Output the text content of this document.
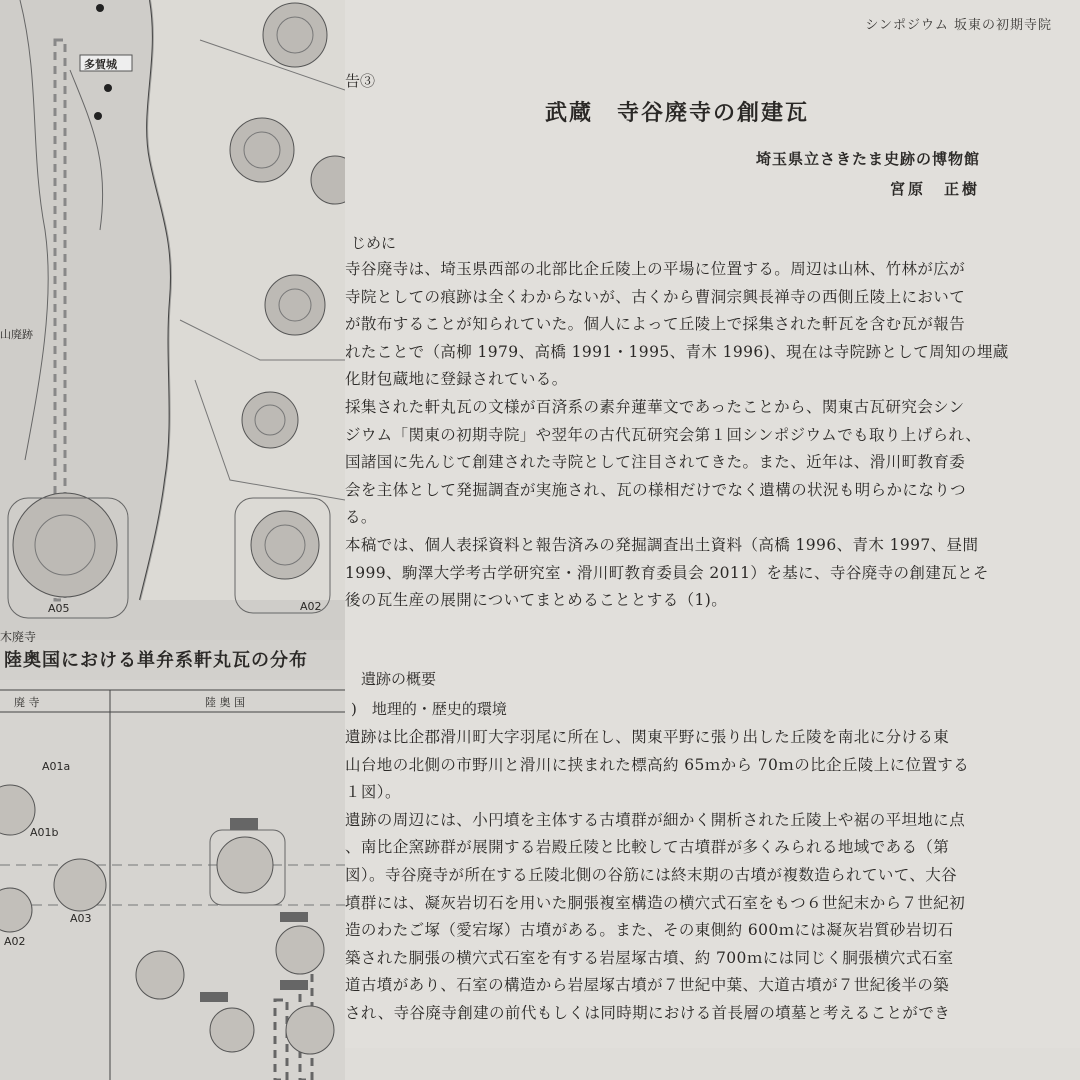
多賀城
山廃跡
A05	A02
木廃寺
陸奥国における単弁系軒丸瓦の分布
廃 寺	陸 奥 国
A01a
A01b
A03
A02
シンポジウム 坂東の初期寺院
告③
武蔵　寺谷廃寺の創建瓦
埼玉県立さきたま史跡の博物館
宮原　正樹
じめに

寺谷廃寺は、埼玉県西部の北部比企丘陵上の平場に位置する。周辺は山林、竹林が広が

寺院としての痕跡は全くわからないが、古くから曹洞宗興長禅寺の西側丘陵上において

が散布することが知られていた。個人によって丘陵上で採集された軒瓦を含む瓦が報告

れたことで（高柳 1979、高橋 1991・1995、青木 1996)、現在は寺院跡として周知の埋蔵

化財包蔵地に登録されている。

採集された軒丸瓦の文様が百済系の素弁蓮華文であったことから、関東古瓦研究会シン

ジウム「関東の初期寺院」や翌年の古代瓦研究会第１回シンポジウムでも取り上げられ、

国諸国に先んじて創建された寺院として注目されてきた。また、近年は、滑川町教育委

会を主体として発掘調査が実施され、瓦の様相だけでなく遺構の状況も明らかになりつ

る。

本稿では、個人表採資料と報告済みの発掘調査出土資料（高橋 1996、青木 1997、昼間

1999、駒澤大学考古学研究室・滑川町教育委員会 2011）を基に、寺谷廃寺の創建瓦とそ

後の瓦生産の展開についてまとめることとする（1)。

遺跡の概要
)　地理的・歴史的環境

遺跡は比企郡滑川町大字羽尾に所在し、関東平野に張り出した丘陵を南北に分ける東

山台地の北側の市野川と滑川に挟まれた標高約 65ｍから 70ｍの比企丘陵上に位置する

１図）。

遺跡の周辺には、小円墳を主体する古墳群が細かく開析された丘陵上や裾の平坦地に点

、南比企窯跡群が展開する岩殿丘陵と比較して古墳群が多くみられる地域である（第

図）。寺谷廃寺が所在する丘陵北側の谷筋には終末期の古墳が複数造られていて、大谷

墳群には、凝灰岩切石を用いた胴張複室構造の横穴式石室をもつ６世紀末から７世紀初

造のわたご塚（愛宕塚）古墳がある。また、その東側約 600ｍには凝灰岩質砂岩切石

築された胴張の横穴式石室を有する岩屋塚古墳、約 700ｍには同じく胴張横穴式石室

道古墳があり、石室の構造から岩屋塚古墳が７世紀中葉、大道古墳が７世紀後半の築

され、寺谷廃寺創建の前代もしくは同時期における首長層の墳墓と考えることができ
